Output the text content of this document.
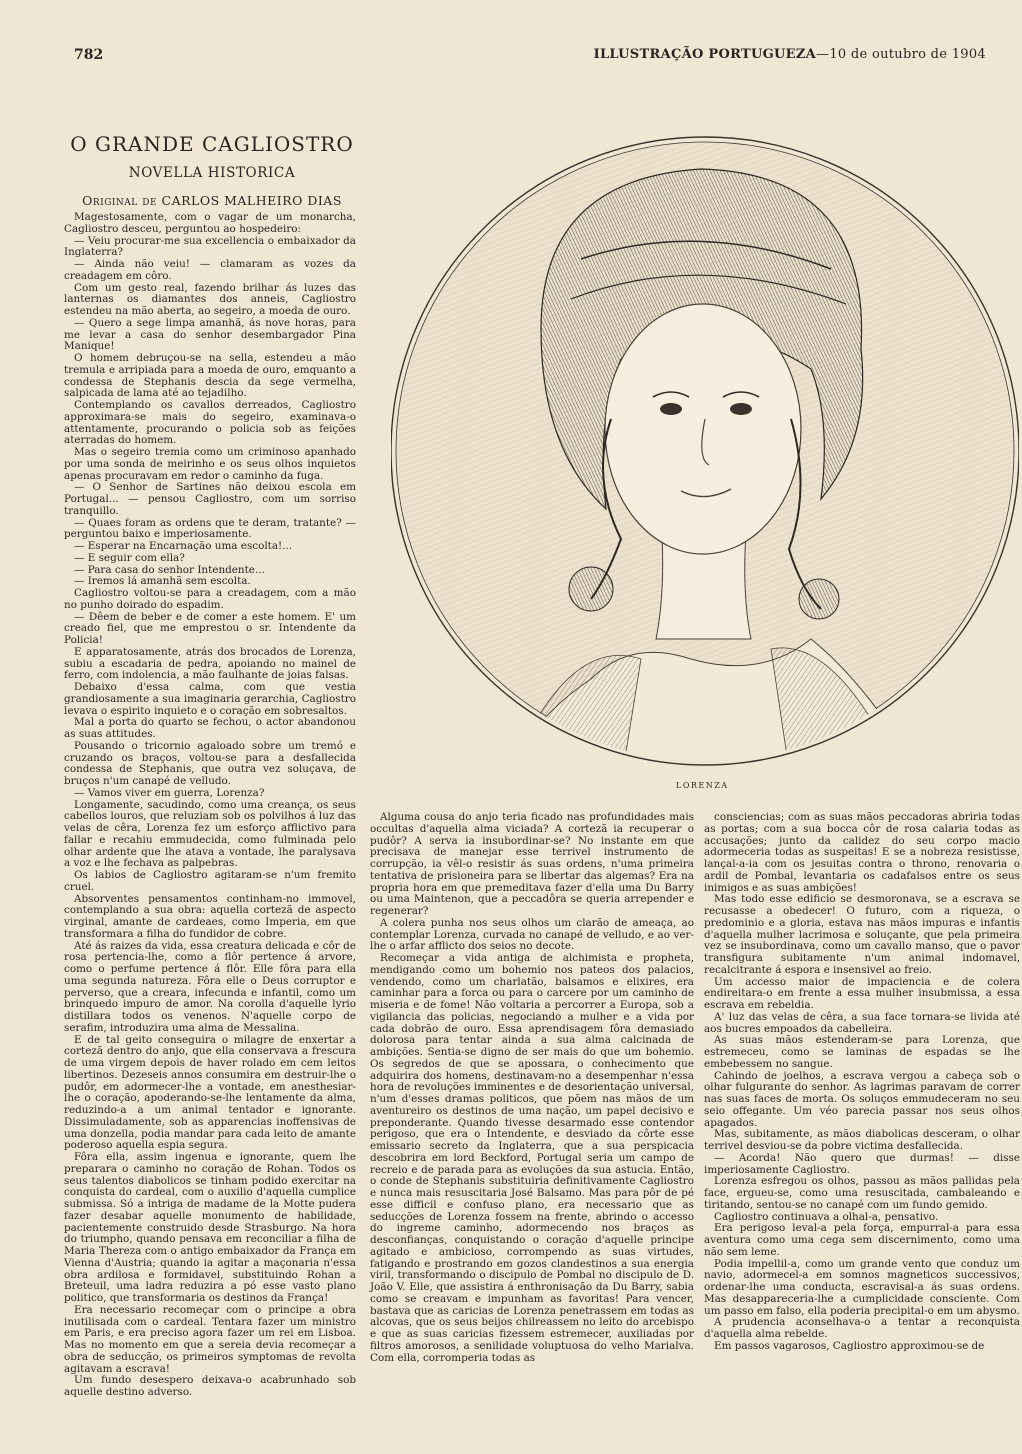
782	ILLUSTRAÇÃO PORTUGUEZA—10 de outubro de 1904
O GRANDE CAGLIOSTRO
NOVELLA HISTORICA
Original de CARLOS MALHEIRO DIAS

Magestosamente, com o vagar de um monarcha, Cagliostro desceu, perguntou ao hospedeiro:

— Veiu procurar-me sua excellencia o embaixador da Inglaterra?

— Ainda não veiu! — clamaram as vozes da creadagem em côro.

Com um gesto real, fazendo brilhar ás luzes das lanternas os diamantes dos anneis, Cagliostro estendeu na mão aberta, ao segeiro, a moeda de ouro.

— Quero a sege limpa amanhã, ás nove horas, para me levar a casa do senhor desembargador Pina Manique!

O homem debruçou-se na sella, estendeu a mão tremula e arripiada para a moeda de ouro, emquanto a condessa de Stephanis descia da sege vermelha, salpicada de lama até ao tejadilho.

Contemplando os cavallos derreados, Cagliostro approximara-se mais do segeiro, examinava-o attentamente, procurando o policia sob as feições aterradas do homem.

Mas o segeiro tremia como um criminoso apanhado por uma sonda de meirinho e os seus olhos inquietos apenas procuravam em redor o caminho da fuga.

— O Senhor de Sartines não deixou escola em Portugal... — pensou Cagliostro, com um sorriso tranquillo.

— Quaes foram as ordens que te deram, tratante? — perguntou baixo e imperiosamente.

— Esperar na Encarnação uma escolta!...

— E seguir com ella?

— Para casa do senhor Intendente...

— Iremos lá amanhã sem escolta.

Cagliostro voltou-se para a creadagem, com a mão no punho doirado do espadim.

— Dêem de beber e de comer a este homem. E' um creado fiel, que me emprestou o sr. Intendente da Policia!

E apparatosamente, atrás dos brocados de Lorenza, subiu a escadaria de pedra, apoiando no mainel de ferro, com indolencia, a mão faulhante de joias falsas.

Debaixo d'essa calma, com que vestia grandiosamente a sua imaginaria gerarchia, Cagliostro levava o espirito inquieto e o coração em sobresaltos.

Mal a porta do quarto se fechou, o actor abandonou as suas attitudes.

Pousando o tricornio agaloado sobre um tremó e cruzando os braços, voltou-se para a desfallecida condessa de Stephanis, que outra vez soluçava, de bruços n'um canapé de velludo.

— Vamos viver em guerra, Lorenza?

Longamente, sacudindo, como uma creança, os seus cabellos louros, que reluziam sob os polvilhos á luz das velas de cêra, Lorenza fez um esforço afflictivo para fallar e recahiu emmudecida, como fulminada pelo olhar ardente que lhe atava a vontade, lhe paralysava a voz e lhe fechava as palpebras.

Os labios de Cagliostro agitaram-se n'um fremito cruel.

Absorventes pensamentos continham-no immovel, contemplando a sua obra: aquella cortezã de aspecto virginal, amante de cardeaes, como Imperia, em que transformara a filha do fundidor de cobre.

Até ás raizes da vida, essa creatura delicada e côr de rosa pertencia-lhe, como a flôr pertence á arvore, como o perfume pertence á flôr. Elle fôra para ella uma segunda natureza. Fôra elle o Deus corruptor e perverso, que a creara, infecunda e infantil, como um brinquedo impuro de amor. Na corolla d'aquelle lyrio distillara todos os venenos. N'aquelle corpo de serafim, introduzira uma alma de Messalina.

E de tal geito conseguira o milagre de enxertar a cortezã dentro do anjo, que ella conservava a frescura de uma virgem depois de haver rolado em cem leitos libertinos. Dezeseis annos consumira em destruir-lhe o pudôr, em adormecer-lhe a vontade, em anesthesiar-lhe o coração, apoderando-se-lhe lentamente da alma, reduzindo-a a um animal tentador e ignorante. Dissimuladamente, sob as apparencias inoffensivas de uma donzella, podia mandar para cada leito de amante poderoso aquella espia segura.

Fôra ella, assim ingenua e ignorante, quem lhe preparara o caminho no coração de Rohan. Todos os seus talentos diabolicos se tinham podido exercitar na conquista do cardeal, com o auxilio d'aquella cumplice submissa. Só a intriga de madame de la Motte pudera fazer desabar aquelle monumento de habilidade, pacientemente construido desde Strasburgo. Na hora do triumpho, quando pensava em reconciliar a filha de Maria Thereza com o antigo embaixador da França em Vienna d'Austria; quando ia agitar a maçonaria n'essa obra ardilosa e formidavel, substituindo Rohan a Breteuil, uma ladra reduzira a pó esse vasto plano politico, que transformaria os destinos da França!

Era necessario recomeçar com o principe a obra inutilisada com o cardeal. Tentara fazer um ministro em Paris, e era preciso agora fazer um rei em Lisboa. Mas no momento em que a sereia devia recomeçar a obra de seducção, os primeiros symptomas de revolta agitavam a escrava!

Um fundo desespero deixava-o acabrunhado sob aquelle destino adverso.

LORENZA

Alguma cousa do anjo teria ficado nas profundidades mais occultas d'aquella alma viciada? A cortezã ia recuperar o pudôr? A serva ia insubordinar-se? No instante em que precisava de manejar esse terrivel instrumento de corrupção, ia vêl-o resistir ás suas ordens, n'uma primeira tentativa de prisioneira para se libertar das algemas? Era na propria hora em que premeditava fazer d'ella uma Du Barry ou uma Maintenon, que a peccadôra se queria arrepender e regenerar?

A colera punha nos seus olhos um clarão de ameaça, ao contemplar Lorenza, curvada no canapé de velludo, e ao ver-lhe o arfar afflicto dos seios no decote.

Recomeçar a vida antiga de alchimista e propheta, mendigando como um bohemio nos pateos dos palacios, vendendo, como um charlatão, balsamos e elixires, era caminhar para a forca ou para o carcere por um caminho de miseria e de fome! Não voltaria a percorrer a Europa, sob a vigilancia das policias, negociando a mulher e a vida por cada dobrão de ouro. Essa aprendisagem fôra demasiado dolorosa para tentar ainda a sua alma calcinada de ambições. Sentia-se digno de ser mais do que um bohemio. Os segredos de que se apossara, o conhecimento que adquirira dos homens, destinavam-no a desempenhar n'essa hora de revoluções imminentes e de desorientação universal, n'um d'esses dramas politicos, que põem nas mãos de um aventureiro os destinos de uma nação, um papel decisivo e preponderante. Quando tivesse desarmado esse contendor perigoso, que era o Intendente, e desviado da côrte esse emissario secreto da Inglaterra, que a sua perspicacia descobrira em lord Beckford, Portugal seria um campo de recreio e de parada para as evoluções da sua astucia. Então, o conde de Stephanis substituiria definitivamente Cagliostro e nunca mais resuscitaria José Balsamo. Mas para pôr de pé esse difficil e confuso plano, era necessario que as seducções de Lorenza fossem na frente, abrindo o accesso do ingreme caminho, adormecendo nos braços as desconfianças, conquistando o coração d'aquelle principe agitado e ambicioso, corrompendo as suas virtudes, fatigando e prostrando em gozos clandestinos a sua energia viril, transformando o discipulo de Pombal no discipulo de D. João V. Elle, que assistira á enthronisação da Du Barry, sabia como se creavam e impunham as favoritas! Para vencer, bastava que as caricias de Lorenza penetrassem em todas as alcovas, que os seus beijos chilreassem no leito do arcebispo e que as suas caricias fizessem estremecer, auxiliadas por filtros amorosos, a senilidade voluptuosa do velho Marialva. Com ella, corromperia todas as

consciencias; com as suas mãos peccadoras abriria todas as portas; com a sua bocca côr de rosa calaria todas as accusações; junto da calidez do seu corpo macio adormeceria todas as suspeitas! E se a nobreza resistisse, lançal-a-ia com os jesuitas contra o throno, renovaria o ardil de Pombal, levantaria os cadafalsos entre os seus inimigos e as suas ambições!

Mas todo esse edificio se desmoronava, se a escrava se recusasse a obedecer! O futuro, com a riqueza, o predominio e a gloria, estava nas mãos impuras e infantis d'aquella mulher lacrimosa e soluçante, que pela primeira vez se insubordinava, como um cavallo manso, que o pavor transfigura subitamente n'um animal indomavel, recalcitrante á espora e insensivel ao freio.

Um accesso maior de impaciencia e de colera endireitara-o em frente a essa mulher insubmissa, a essa escrava em rebeldia.

A' luz das velas de cêra, a sua face tornara-se livida até aos bucres empoados da cabelleira.

As suas mãos estenderam-se para Lorenza, que estremeceu, como se laminas de espadas se lhe embebessem no sangue.

Cahindo de joelhos, a escrava vergou a cabeça sob o olhar fulgurante do senhor. As lagrimas paravam de correr nas suas faces de morta. Os soluços emmudeceram no seu seio offegante. Um véo parecia passar nos seus olhos apagados.

Mas, subitamente, as mãos diabolicas desceram, o olhar terrivel desviou-se da pobre victima desfallecida.

— Acorda! Não quero que durmas! — disse imperiosamente Cagliostro.

Lorenza esfregou os olhos, passou as mãos pallidas pela face, ergueu-se, como uma resuscitada, cambaleando e tiritando, sentou-se no canapé com um fundo gemido.

Cagliostro continuava a olhal-a, pensativo.

Era perigoso leval-a pela força, empurral-a para essa aventura como uma cega sem discernimento, como uma não sem leme.

Podia impellil-a, como um grande vento que conduz um navio, adormecel-a em somnos magneticos successivos, ordenar-lhe uma conducta, escravisal-a ás suas ordens. Mas desappareceria-lhe a cumplicidade consciente. Com um passo em falso, ella poderia precipital-o em um abysmo.

A prudencia aconselhava-o a tentar a reconquista d'aquella alma rebelde.

Em passos vagarosos, Cagliostro approximou-se de
